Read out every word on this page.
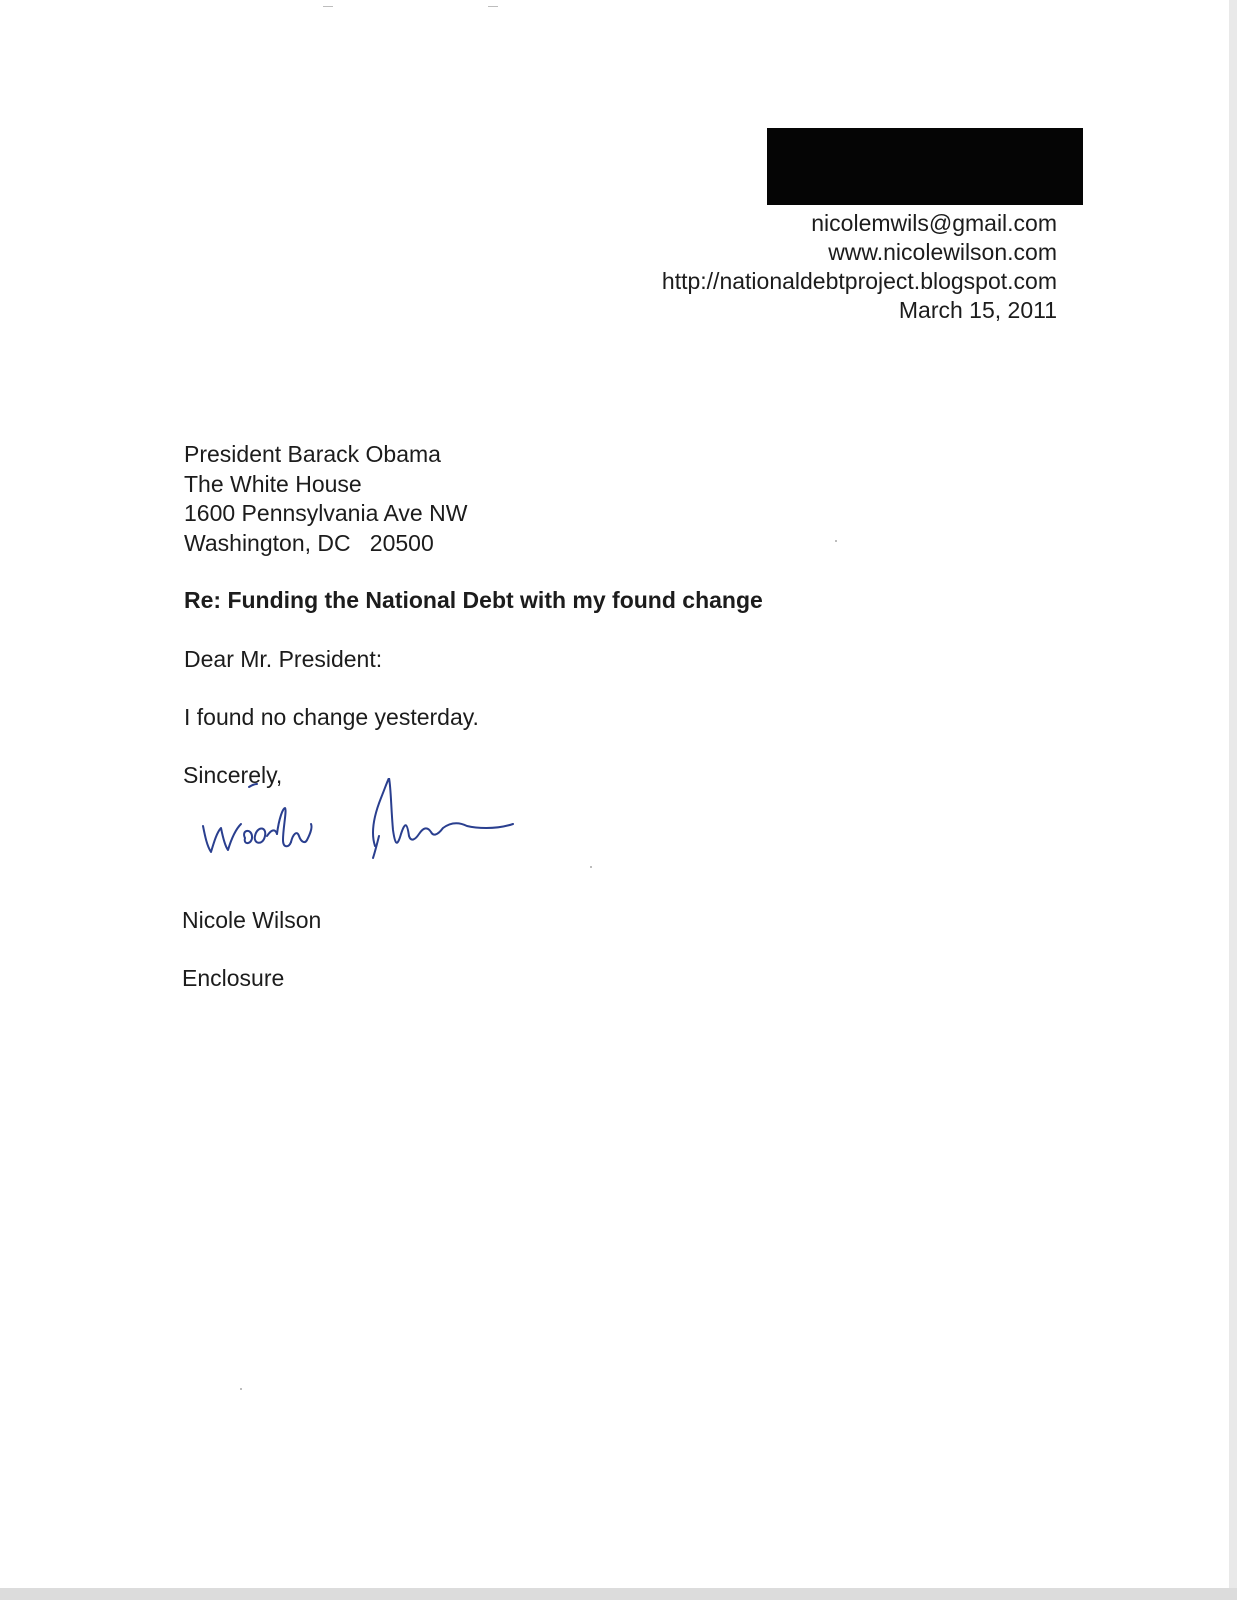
nicolemwils@gmail.com
www.nicolewilson.com
http://nationaldebtproject.blogspot.com
March 15, 2011
President Barack Obama
The White House
1600 Pennsylvania Ave NW
Washington, DC   20500
Re: Funding the National Debt with my found change
Dear Mr. President:
I found no change yesterday.
Sincerely,
Nicole Wilson
Enclosure
